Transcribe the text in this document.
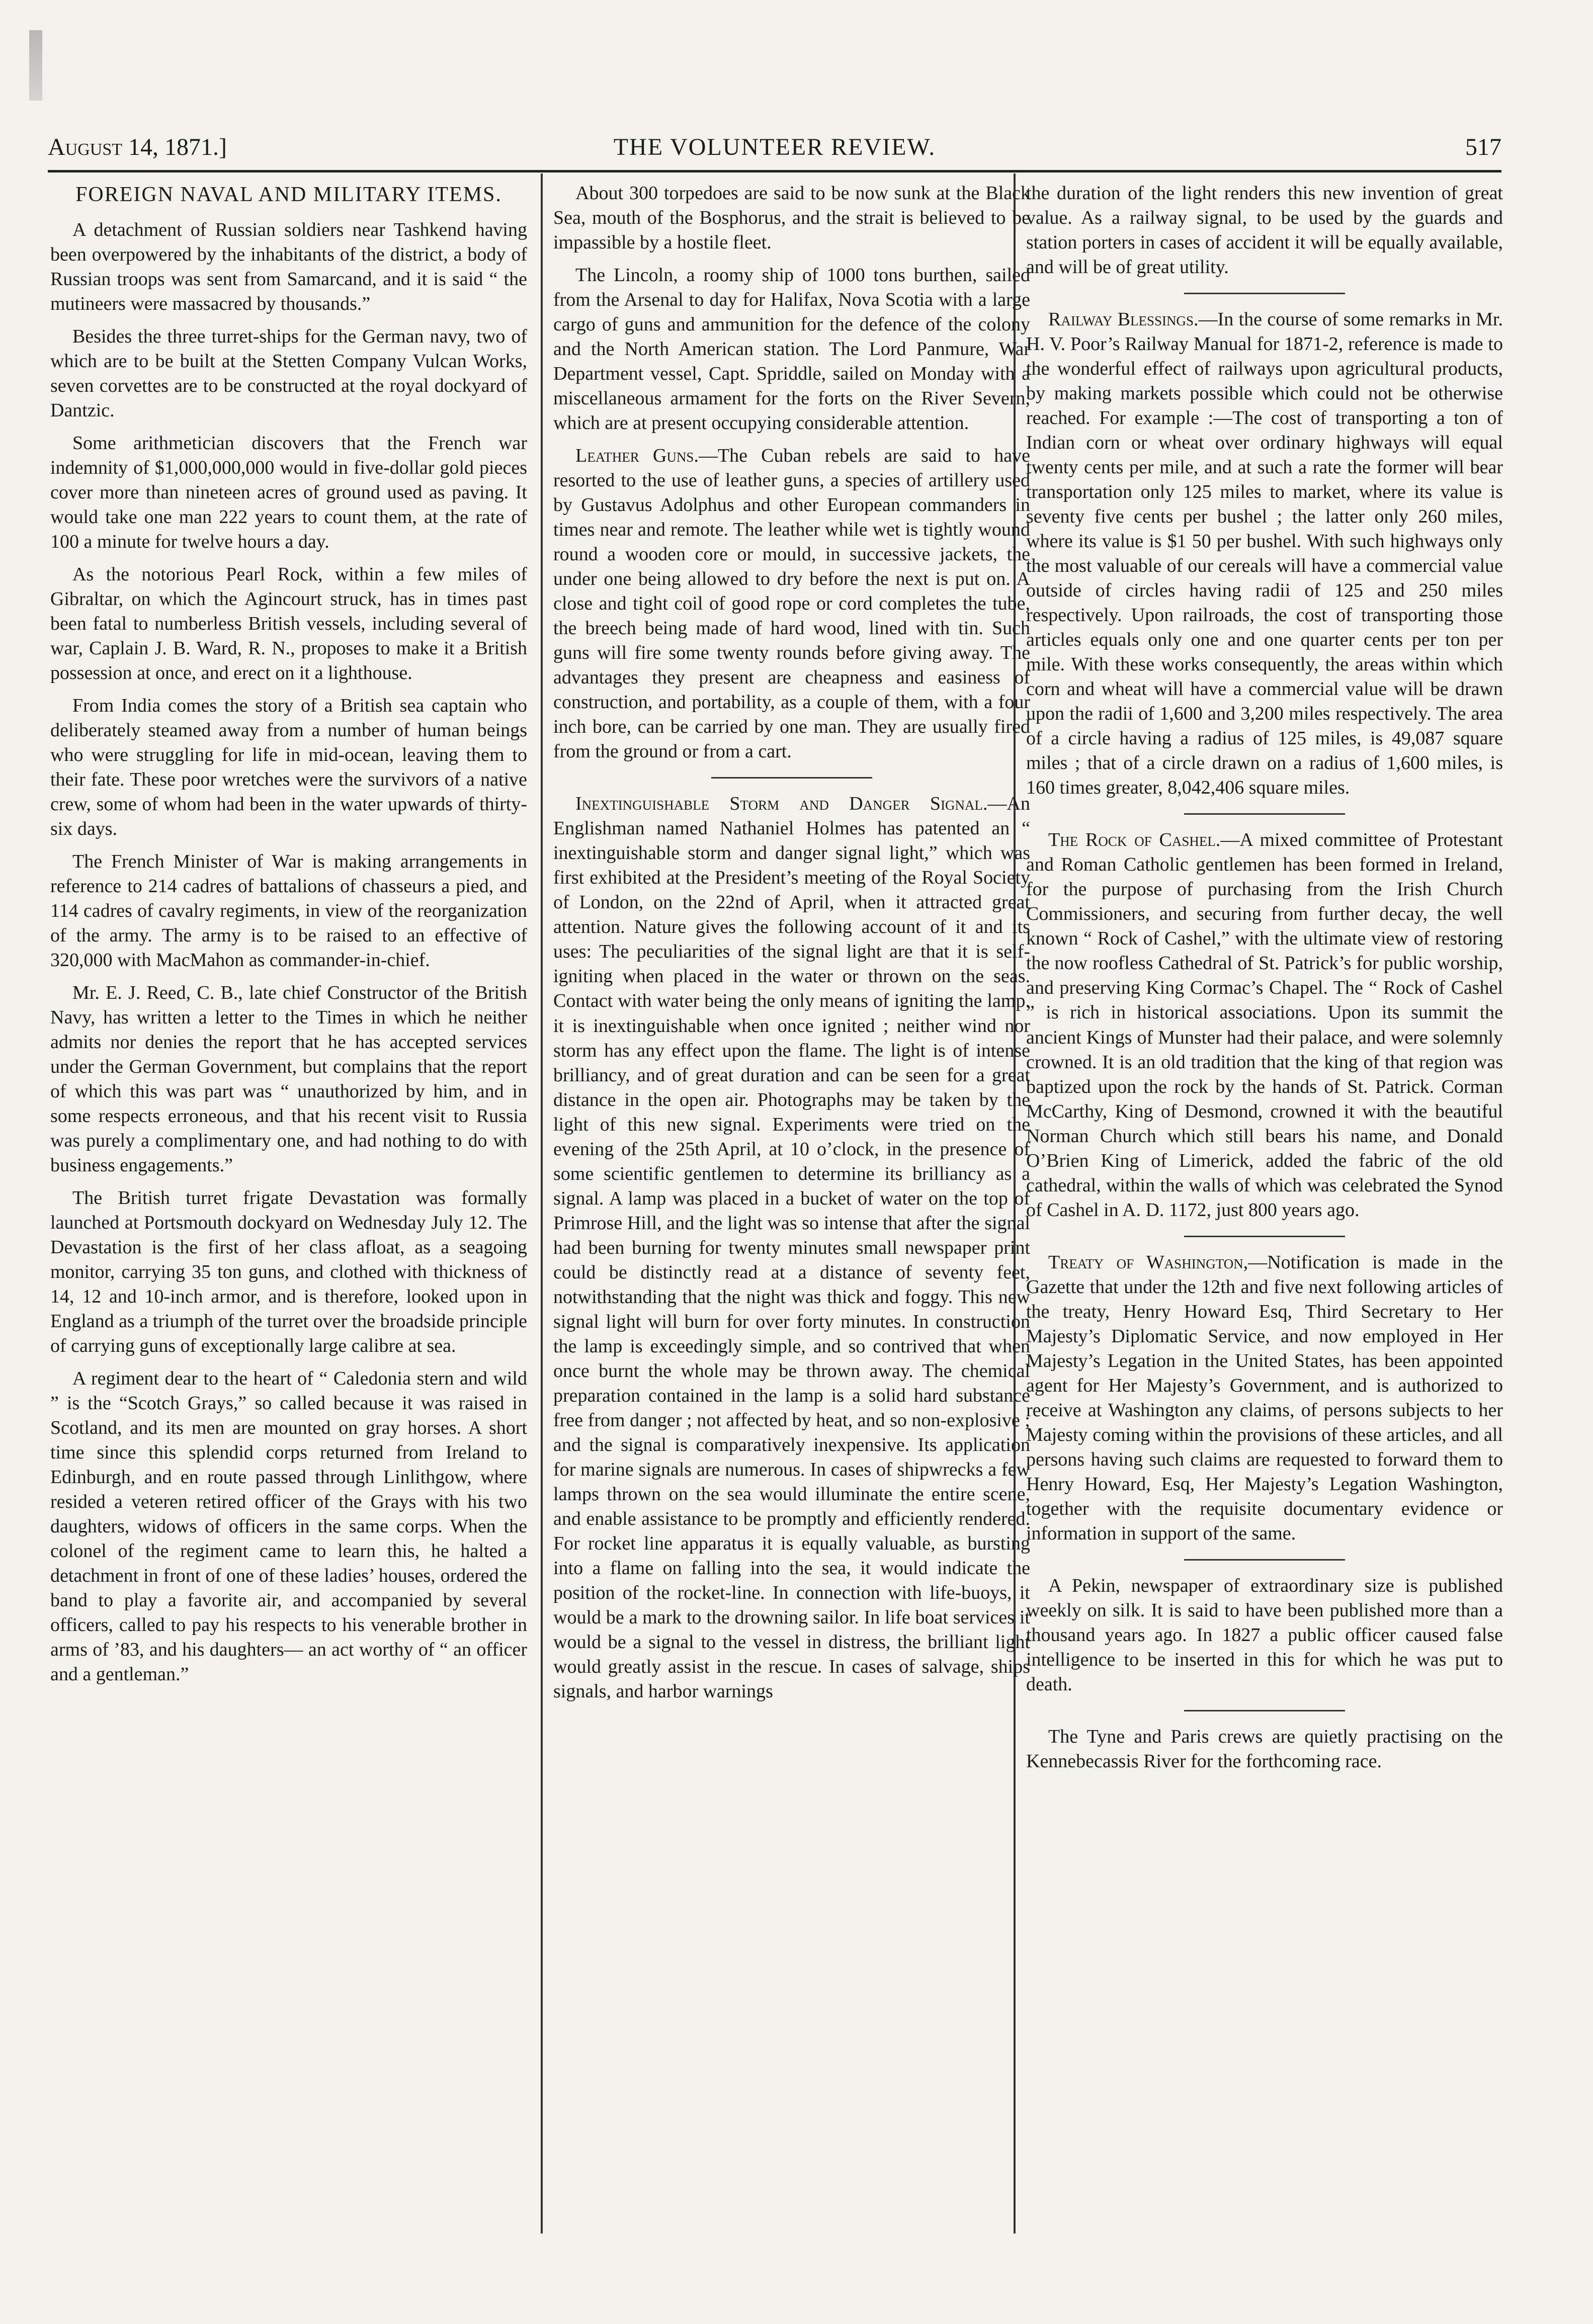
August 14, 1871.]	THE VOLUNTEER REVIEW.	517
FOREIGN NAVAL AND MILITARY ITEMS.

A detachment of Russian soldiers near Tashkend having been overpowered by the inhabitants of the district, a body of Russian troops was sent from Samarcand, and it is said “ the mutineers were massacred by thousands.”

Besides the three turret-ships for the German navy, two of which are to be built at the Stetten Company Vulcan Works, seven corvettes are to be constructed at the royal dockyard of Dantzic.

Some arithmetician discovers that the French war indemnity of $1,000,000,000 would in five-dollar gold pieces cover more than nineteen acres of ground used as paving. It would take one man 222 years to count them, at the rate of 100 a minute for twelve hours a day.

As the notorious Pearl Rock, within a few miles of Gibraltar, on which the Agincourt struck, has in times past been fatal to numberless British vessels, including several of war, Caplain J. B. Ward, R. N., proposes to make it a British possession at once, and erect on it a lighthouse.

From India comes the story of a British sea captain who deliberately steamed away from a number of human beings who were struggling for life in mid-ocean, leaving them to their fate. These poor wretches were the survivors of a native crew, some of whom had been in the water upwards of thirty-six days.

The French Minister of War is making arrangements in reference to 214 cadres of battalions of chasseurs a pied, and 114 cadres of cavalry regiments, in view of the reorganization of the army. The army is to be raised to an effective of 320,000 with MacMahon as commander-in-chief.

Mr. E. J. Reed, C. B., late chief Constructor of the British Navy, has written a letter to the Times in which he neither admits nor denies the report that he has accepted services under the German Government, but complains that the report of which this was part was “ unauthorized by him, and in some respects erroneous, and that his recent visit to Russia was purely a complimentary one, and had nothing to do with business engagements.”

The British turret frigate Devastation was formally launched at Portsmouth dockyard on Wednesday July 12. The Devastation is the first of her class afloat, as a seagoing monitor, carrying 35 ton guns, and clothed with thickness of 14, 12 and 10-inch armor, and is therefore, looked upon in England as a triumph of the turret over the broadside principle of carrying guns of exceptionally large calibre at sea.

A regiment dear to the heart of “ Caledonia stern and wild ” is the “Scotch Grays,” so called because it was raised in Scotland, and its men are mounted on gray horses. A short time since this splendid corps returned from Ireland to Edinburgh, and en route passed through Linlithgow, where resided a veteren retired officer of the Grays with his two daughters, widows of officers in the same corps. When the colonel of the regiment came to learn this, he halted a detachment in front of one of these ladies’ houses, ordered the band to play a favorite air, and accompanied by several officers, called to pay his respects to his venerable brother in arms of ’83, and his daughters— an act worthy of “ an officer and a gentleman.”

About 300 torpedoes are said to be now sunk at the Black Sea, mouth of the Bosphorus, and the strait is believed to be impassible by a hostile fleet.

The Lincoln, a roomy ship of 1000 tons burthen, sailed from the Arsenal to day for Halifax, Nova Scotia with a large cargo of guns and ammunition for the defence of the colony and the North American station. The Lord Panmure, War Department vessel, Capt. Spriddle, sailed on Monday with a miscellaneous armament for the forts on the River Severn, which are at present occupying considerable attention.

Leather Guns.—The Cuban rebels are said to have resorted to the use of leather guns, a species of artillery used by Gustavus Adolphus and other European commanders in times near and remote. The leather while wet is tightly wound round a wooden core or mould, in successive jackets, the under one being allowed to dry before the next is put on. A close and tight coil of good rope or cord completes the tube, the breech being made of hard wood, lined with tin. Such guns will fire some twenty rounds before giving away. The advantages they present are cheapness and easiness of construction, and portability, as a couple of them, with a four inch bore, can be carried by one man. They are usually fired from the ground or from a cart.

Inextinguishable Storm and Danger Signal.—An Englishman named Nathaniel Holmes has patented an “ inextinguishable storm and danger signal light,” which was first exhibited at the President’s meeting of the Royal Society of London, on the 22nd of April, when it attracted great attention. Nature gives the following account of it and its uses: The peculiarities of the signal light are that it is self-igniting when placed in the water or thrown on the seas. Contact with water being the only means of igniting the lamp. it is inextinguishable when once ignited ; neither wind nor storm has any effect upon the flame. The light is of intense brilliancy, and of great duration and can be seen for a great distance in the open air. Photographs may be taken by the light of this new signal. Experiments were tried on the evening of the 25th April, at 10 o’clock, in the presence of some scientific gentlemen to determine its brilliancy as a signal. A lamp was placed in a bucket of water on the top of Primrose Hill, and the light was so intense that after the signal had been burning for twenty minutes small newspaper print could be distinctly read at a distance of seventy feet, notwithstanding that the night was thick and foggy. This new signal light will burn for over forty minutes. In construction the lamp is exceedingly simple, and so contrived that when once burnt the whole may be thrown away. The chemical preparation contained in the lamp is a solid hard substance free from danger ; not affected by heat, and so non-explosive ; and the signal is comparatively inexpensive. Its application for marine signals are numerous. In cases of shipwrecks a few lamps thrown on the sea would illuminate the entire scene, and enable assistance to be promptly and efficiently rendered. For rocket line apparatus it is equally valuable, as bursting into a flame on falling into the sea, it would indicate the position of the rocket-line. In connection with life-buoys, it would be a mark to the drowning sailor. In life boat services it would be a signal to the vessel in distress, the brilliant light would greatly assist in the rescue. In cases of salvage, ships signals, and harbor warnings

the duration of the light renders this new invention of great value. As a railway signal, to be used by the guards and station porters in cases of accident it will be equally available, and will be of great utility.

Railway Blessings.—In the course of some remarks in Mr. H. V. Poor’s Railway Manual for 1871-2, reference is made to the wonderful effect of railways upon agricultural products, by making markets possible which could not be otherwise reached. For example :—The cost of transporting a ton of Indian corn or wheat over ordinary highways will equal twenty cents per mile, and at such a rate the former will bear transportation only 125 miles to market, where its value is seventy five cents per bushel ; the latter only 260 miles, where its value is $1 50 per bushel. With such highways only the most valuable of our cereals will have a commercial value outside of circles having radii of 125 and 250 miles respectively. Upon railroads, the cost of transporting those articles equals only one and one quarter cents per ton per mile. With these works consequently, the areas within which corn and wheat will have a commercial value will be drawn upon the radii of 1,600 and 3,200 miles respectively. The area of a circle having a radius of 125 miles, is 49,087 square miles ; that of a circle drawn on a radius of 1,600 miles, is 160 times greater, 8,042,406 square miles.

The Rock of Cashel.—A mixed committee of Protestant and Roman Catholic gentlemen has been formed in Ireland, for the purpose of purchasing from the Irish Church Commissioners, and securing from further decay, the well known “ Rock of Cashel,” with the ultimate view of restoring the now roofless Cathedral of St. Patrick’s for public worship, and preserving King Cormac’s Chapel. The “ Rock of Cashel ” is rich in historical associations. Upon its summit the ancient Kings of Munster had their palace, and were solemnly crowned. It is an old tradition that the king of that region was baptized upon the rock by the hands of St. Patrick. Corman McCarthy, King of Desmond, crowned it with the beautiful Norman Church which still bears his name, and Donald O’Brien King of Limerick, added the fabric of the old cathedral, within the walls of which was celebrated the Synod of Cashel in A. D. 1172, just 800 years ago.

Treaty of Washington,—Notification is made in the Gazette that under the 12th and five next following articles of the treaty, Henry Howard Esq, Third Secretary to Her Majesty’s Diplomatic Service, and now employed in Her Majesty’s Legation in the United States, has been appointed agent for Her Majesty’s Government, and is authorized to receive at Washington any claims, of persons subjects to her Majesty coming within the provisions of these articles, and all persons having such claims are requested to forward them to Henry Howard, Esq, Her Majesty’s Legation Washington, together with the requisite documentary evidence or information in support of the same.

A Pekin, newspaper of extraordinary size is published weekly on silk. It is said to have been published more than a thousand years ago. In 1827 a public officer caused false intelligence to be inserted in this for which he was put to death.

The Tyne and Paris crews are quietly practising on the Kennebecassis River for the forthcoming race.
